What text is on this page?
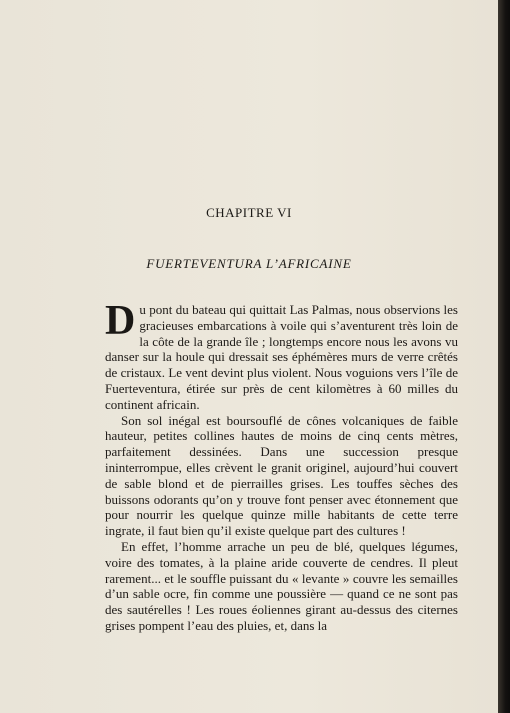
CHAPITRE VI
FUERTEVENTURA L’AFRICAINE

Du pont du bateau qui quittait Las Palmas, nous observions les gracieuses embarcations à voile qui s’aventurent très loin de la côte de la grande île ; longtemps encore nous les avons vu danser sur la houle qui dressait ses éphémères murs de verre crêtés de cristaux. Le vent devint plus violent. Nous voguions vers l’île de Fuerteventura, étirée sur près de cent kilomètres à 60 milles du continent africain.

Son sol inégal est boursouflé de cônes volcaniques de faible hauteur, petites collines hautes de moins de cinq cents mètres, parfaitement dessinées. Dans une succession presque ininterrompue, elles crèvent le granit originel, aujourd’hui couvert de sable blond et de pierrailles grises. Les touffes sèches des buissons odorants qu’on y trouve font penser avec étonnement que pour nourrir les quelque quinze mille habitants de cette terre ingrate, il faut bien qu’il existe quelque part des cultures !

En effet, l’homme arrache un peu de blé, quelques légumes, voire des tomates, à la plaine aride couverte de cendres. Il pleut rarement... et le souffle puissant du « levante » couvre les semailles d’un sable ocre, fin comme une poussière — quand ce ne sont pas des sautérelles ! Les roues éoliennes girant au-dessus des citernes grises pompent l’eau des pluies, et, dans la
